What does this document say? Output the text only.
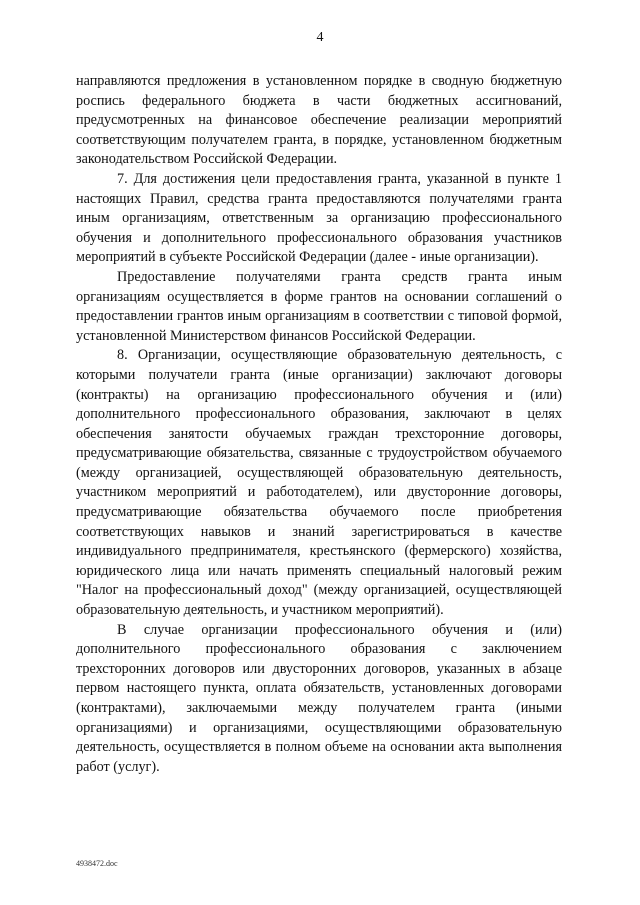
4

направляются предложения в установленном порядке в сводную бюджетную роспись федерального бюджета в части бюджетных ассигнований, предусмотренных на финансовое обеспечение реализации мероприятий соответствующим получателем гранта, в порядке, установленном бюджетным законодательством Российской Федерации.

7. Для достижения цели предоставления гранта, указанной в пункте 1 настоящих Правил, средства гранта предоставляются получателями гранта иным организациям, ответственным за организацию профессионального обучения и дополнительного профессионального образования участников мероприятий в субъекте Российской Федерации (далее - иные организации).

Предоставление получателями гранта средств гранта иным организациям осуществляется в форме грантов на основании соглашений о предоставлении грантов иным организациям в соответствии с типовой формой, установленной Министерством финансов Российской Федерации.

8. Организации, осуществляющие образовательную деятельность, с которыми получатели гранта (иные организации) заключают договоры (контракты) на организацию профессионального обучения и (или) дополнительного профессионального образования, заключают в целях обеспечения занятости обучаемых граждан трехсторонние договоры, предусматривающие обязательства, связанные с трудоустройством обучаемого (между организацией, осуществляющей образовательную деятельность, участником мероприятий и работодателем), или двусторонние договоры, предусматривающие обязательства обучаемого после приобретения соответствующих навыков и знаний зарегистрироваться в качестве индивидуального предпринимателя, крестьянского (фермерского) хозяйства, юридического лица или начать применять специальный налоговый режим "Налог на профессиональный доход" (между организацией, осуществляющей образовательную деятельность, и участником мероприятий).

В случае организации профессионального обучения и (или) дополнительного профессионального образования с заключением трехсторонних договоров или двусторонних договоров, указанных в абзаце первом настоящего пункта, оплата обязательств, установленных договорами (контрактами), заключаемыми между получателем гранта (иными организациями) и организациями, осуществляющими образовательную деятельность, осуществляется в полном объеме на основании акта выполнения работ (услуг).

4938472.doc
